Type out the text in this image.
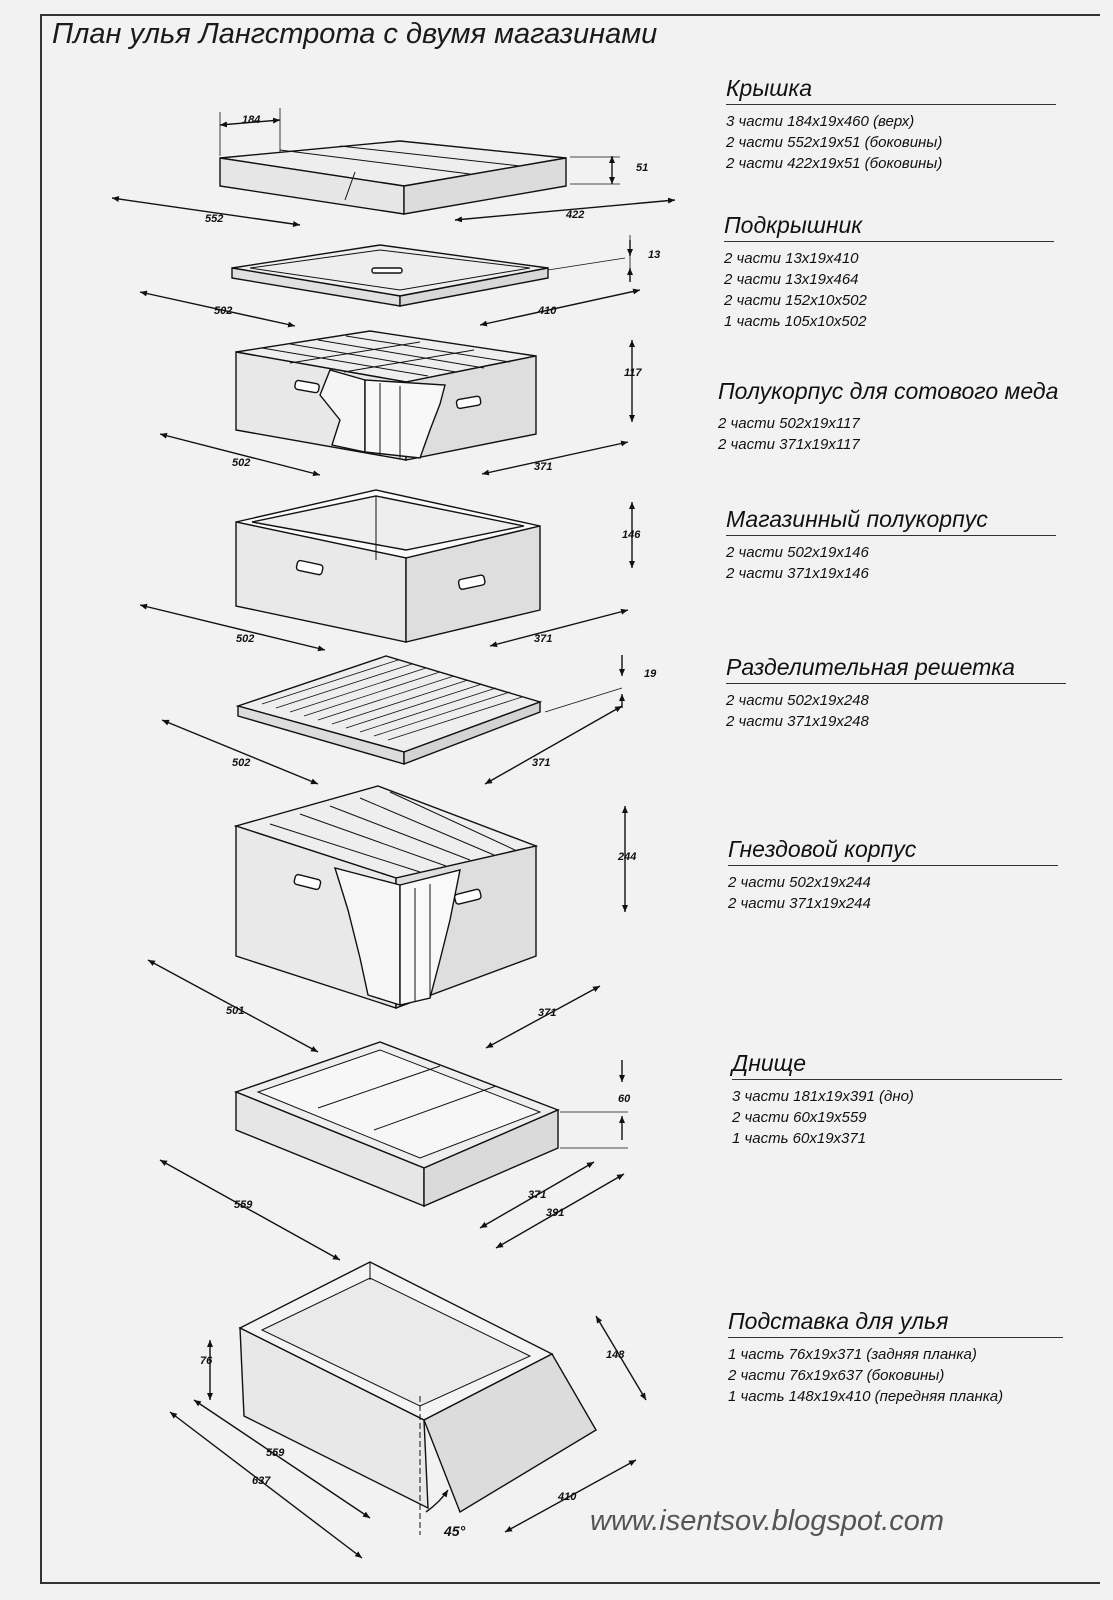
План улья Лангстрота с двумя магазинами
184
552	422
51
13
502	410
117
502	371
146
502	371
19
502	371
244
501	371
60
559
371
391
76	148
559
637
410
45°
Крышка
3 части 184x19x460 (верх)
2 части 552x19x51 (боковины)
2 части 422x19x51 (боковины)
Подкрышник
2 части 13x19x410
2 части 13x19x464
2 части 152x10x502
1 часть 105x10x502
Полукорпус для сотового меда
2 части 502x19x117
2 части 371x19x117
Магазинный полукорпус
2 части 502x19x146
2 части 371x19x146
Разделительная решетка
2 части 502x19x248
2 части 371x19x248
Гнездовой корпус
2 части 502x19x244
2 части 371x19x244
Днище
3 части 181x19x391 (дно)
2 части 60x19x559
1 часть 60x19x371
Подставка для улья
1 часть 76x19x371 (задняя планка)
2 части 76x19x637 (боковины)
1 часть 148x19x410 (передняя планка)
www.isentsov.blogspot.com
